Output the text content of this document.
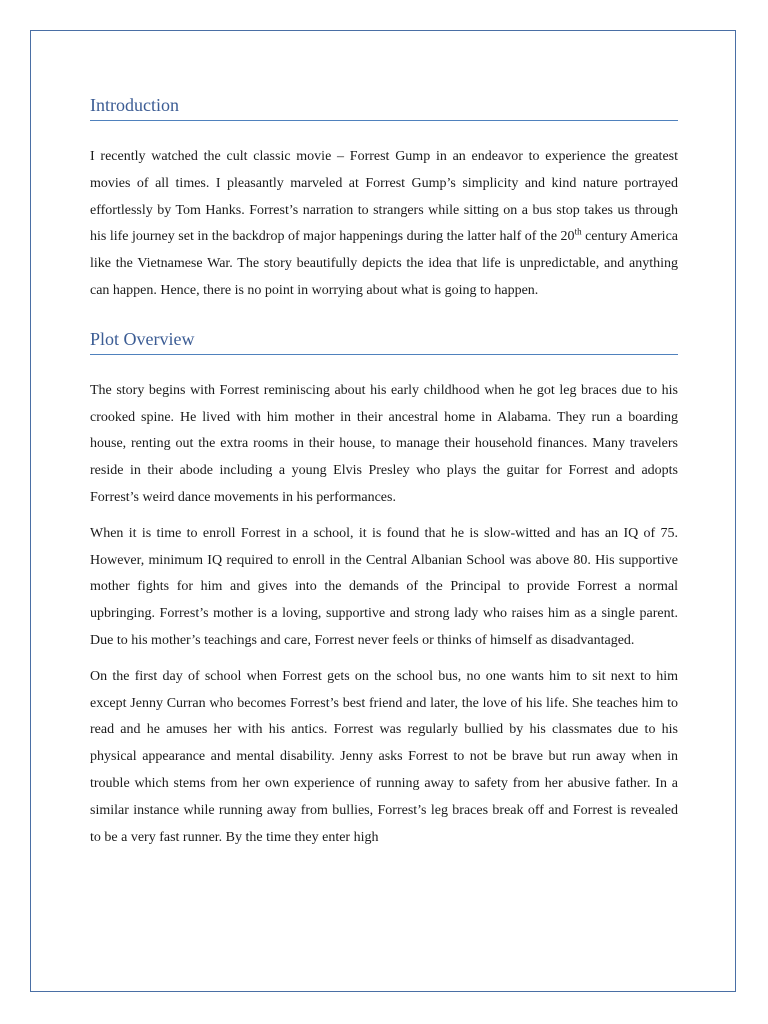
Introduction

I recently watched the cult classic movie – Forrest Gump in an endeavor to experience the greatest movies of all times. I pleasantly marveled at Forrest Gump’s simplicity and kind nature portrayed effortlessly by Tom Hanks. Forrest’s narration to strangers while sitting on a bus stop takes us through his life journey set in the backdrop of major happenings during the latter half of the 20th century America like the Vietnamese War. The story beautifully depicts the idea that life is unpredictable, and anything can happen. Hence, there is no point in worrying about what is going to happen.

Plot Overview

The story begins with Forrest reminiscing about his early childhood when he got leg braces due to his crooked spine. He lived with him mother in their ancestral home in Alabama. They run a boarding house, renting out the extra rooms in their house, to manage their household finances. Many travelers reside in their abode including a young Elvis Presley who plays the guitar for Forrest and adopts Forrest’s weird dance movements in his performances.

When it is time to enroll Forrest in a school, it is found that he is slow-witted and has an IQ of 75. However, minimum IQ required to enroll in the Central Albanian School was above 80. His supportive mother fights for him and gives into the demands of the Principal to provide Forrest a normal upbringing. Forrest’s mother is a loving, supportive and strong lady who raises him as a single parent. Due to his mother’s teachings and care, Forrest never feels or thinks of himself as disadvantaged.

On the first day of school when Forrest gets on the school bus, no one wants him to sit next to him except Jenny Curran who becomes Forrest’s best friend and later, the love of his life. She teaches him to read and he amuses her with his antics. Forrest was regularly bullied by his classmates due to his physical appearance and mental disability. Jenny asks Forrest to not be brave but run away when in trouble which stems from her own experience of running away to safety from her abusive father. In a similar instance while running away from bullies, Forrest’s leg braces break off and Forrest is revealed to be a very fast runner. By the time they enter high
